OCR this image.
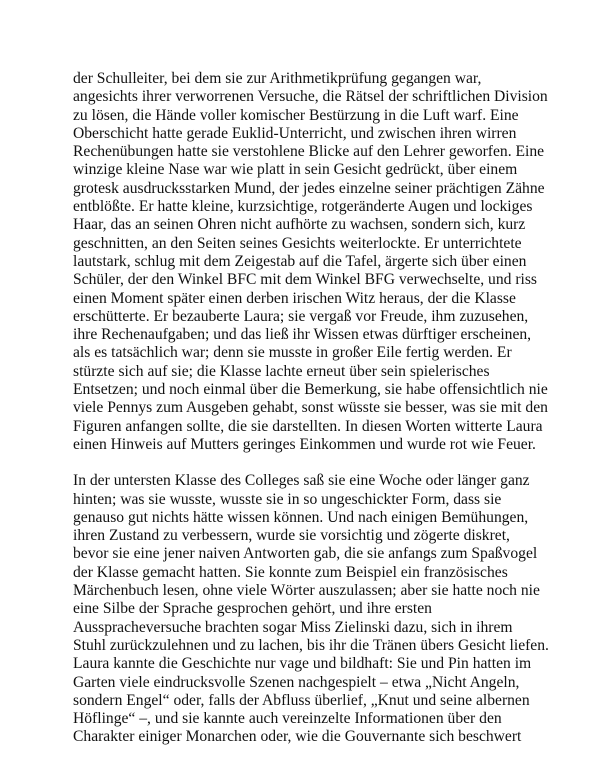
der Schulleiter, bei dem sie zur Arithmetikprüfung gegangen war,
angesichts ihrer verworrenen Versuche, die Rätsel der schriftlichen Division
zu lösen, die Hände voller komischer Bestürzung in die Luft warf. Eine
Oberschicht hatte gerade Euklid-Unterricht, und zwischen ihren wirren
Rechenübungen hatte sie verstohlene Blicke auf den Lehrer geworfen. Eine
winzige kleine Nase war wie platt in sein Gesicht gedrückt, über einem
grotesk ausdrucksstarken Mund, der jedes einzelne seiner prächtigen Zähne
entblößte. Er hatte kleine, kurzsichtige, rotgeränderte Augen und lockiges
Haar, das an seinen Ohren nicht aufhörte zu wachsen, sondern sich, kurz
geschnitten, an den Seiten seines Gesichts weiterlockte. Er unterrichtete
lautstark, schlug mit dem Zeigestab auf die Tafel, ärgerte sich über einen
Schüler, der den Winkel BFC mit dem Winkel BFG verwechselte, und riss
einen Moment später einen derben irischen Witz heraus, der die Klasse
erschütterte. Er bezauberte Laura; sie vergaß vor Freude, ihm zuzusehen,
ihre Rechenaufgaben; und das ließ ihr Wissen etwas dürftiger erscheinen,
als es tatsächlich war; denn sie musste in großer Eile fertig werden. Er
stürzte sich auf sie; die Klasse lachte erneut über sein spielerisches
Entsetzen; und noch einmal über die Bemerkung, sie habe offensichtlich nie
viele Pennys zum Ausgeben gehabt, sonst wüsste sie besser, was sie mit den
Figuren anfangen sollte, die sie darstellten. In diesen Worten witterte Laura
einen Hinweis auf Mutters geringes Einkommen und wurde rot wie Feuer.

In der untersten Klasse des Colleges saß sie eine Woche oder länger ganz
hinten; was sie wusste, wusste sie in so ungeschickter Form, dass sie
genauso gut nichts hätte wissen können. Und nach einigen Bemühungen,
ihren Zustand zu verbessern, wurde sie vorsichtig und zögerte diskret,
bevor sie eine jener naiven Antworten gab, die sie anfangs zum Spaßvogel
der Klasse gemacht hatten. Sie konnte zum Beispiel ein französisches
Märchenbuch lesen, ohne viele Wörter auszulassen; aber sie hatte noch nie
eine Silbe der Sprache gesprochen gehört, und ihre ersten
Ausspracheversuche brachten sogar Miss Zielinski dazu, sich in ihrem
Stuhl zurückzulehnen und zu lachen, bis ihr die Tränen übers Gesicht liefen.
Laura kannte die Geschichte nur vage und bildhaft: Sie und Pin hatten im
Garten viele eindrucksvolle Szenen nachgespielt – etwa „Nicht Angeln,
sondern Engel“ oder, falls der Abfluss überlief, „Knut und seine albernen
Höflinge“ –, und sie kannte auch vereinzelte Informationen über den
Charakter einiger Monarchen oder, wie die Gouvernante sich beschwert
